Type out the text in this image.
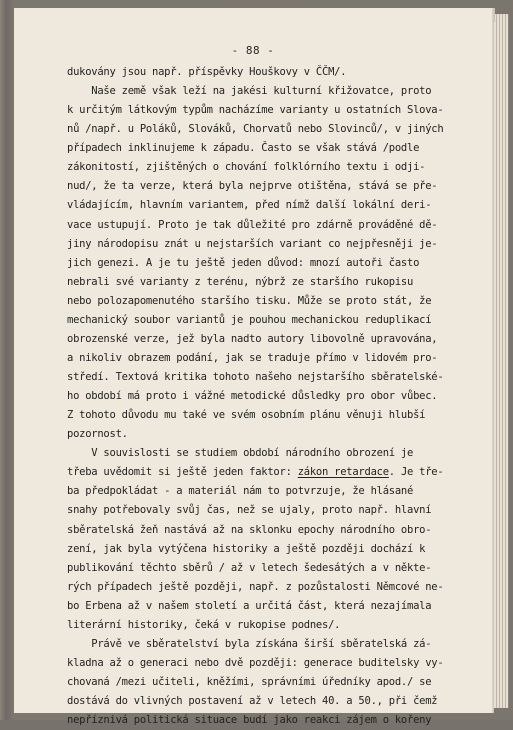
- 88 -
dukovány jsou např. příspěvky Houškovy v ČČM/.
Naše země však leží na jakési kulturní křižovatce, proto
k určitým látkovým typům nacházíme varianty u ostatních Slova-
nů /např. u Poláků, Slováků, Chorvatů nebo Slovinců/, v jiných
případech inklinujeme k západu. Často se však stává /podle
zákonitostí, zjištěných o chování folklórního textu i odji-
nud/, že ta verze, která byla nejprve otištěna, stává se pře-
vládajícím, hlavním variantem, před nímž další lokální deri-
vace ustupují. Proto je tak důležité pro zdárně prováděné dě-
jiny národopisu znát u nejstarších variant co nejpřesněji je-
jich genezi. A je tu ještě jeden důvod: mnozí autoři často
nebrali své varianty z terénu, nýbrž ze staršího rukopisu
nebo polozapomenutého staršího tisku. Může se proto stát, že
mechanický soubor variantů je pouhou mechanickou reduplikací
obrozenské verze, jež byla nadto autory libovolně upravována,
a nikoliv obrazem podání, jak se traduje přímo v lidovém pro-
středí. Textová kritika tohoto našeho nejstaršího sběratelské-
ho období má proto i vážné metodické důsledky pro obor vůbec.
Z tohoto důvodu mu také ve svém osobním plánu věnuji hlubší
pozornost.
V souvislosti se studiem období národního obrození je
třeba uvědomit si ještě jeden faktor: zákon retardace. Je tře-
ba předpokládat - a materiál nám to potvrzuje, že hlásané
snahy potřebovaly svůj čas, než se ujaly, proto např. hlavní
sběratelská žeň nastává až na sklonku epochy národního obro-
zení, jak byla vytýčena historiky a ještě později dochází k
publikování těchto sběrů / až v letech šedesátých a v někte-
rých případech ještě později, např. z pozůstalosti Němcové ne-
bo Erbena až v našem století a určitá část, která nezajímala
literární historiky, čeká v rukopise podnes/.
Právě ve sběratelství byla získána širší sběratelská zá-
kladna až o generaci nebo dvě později: generace buditelsky vy-
chovaná /mezi učiteli, kněžími, správními úředníky apod./ se
dostává do vlivných postavení až v letech 40. a 50., při čemž
nepříznivá politická situace budí jako reakci zájem o kořeny
